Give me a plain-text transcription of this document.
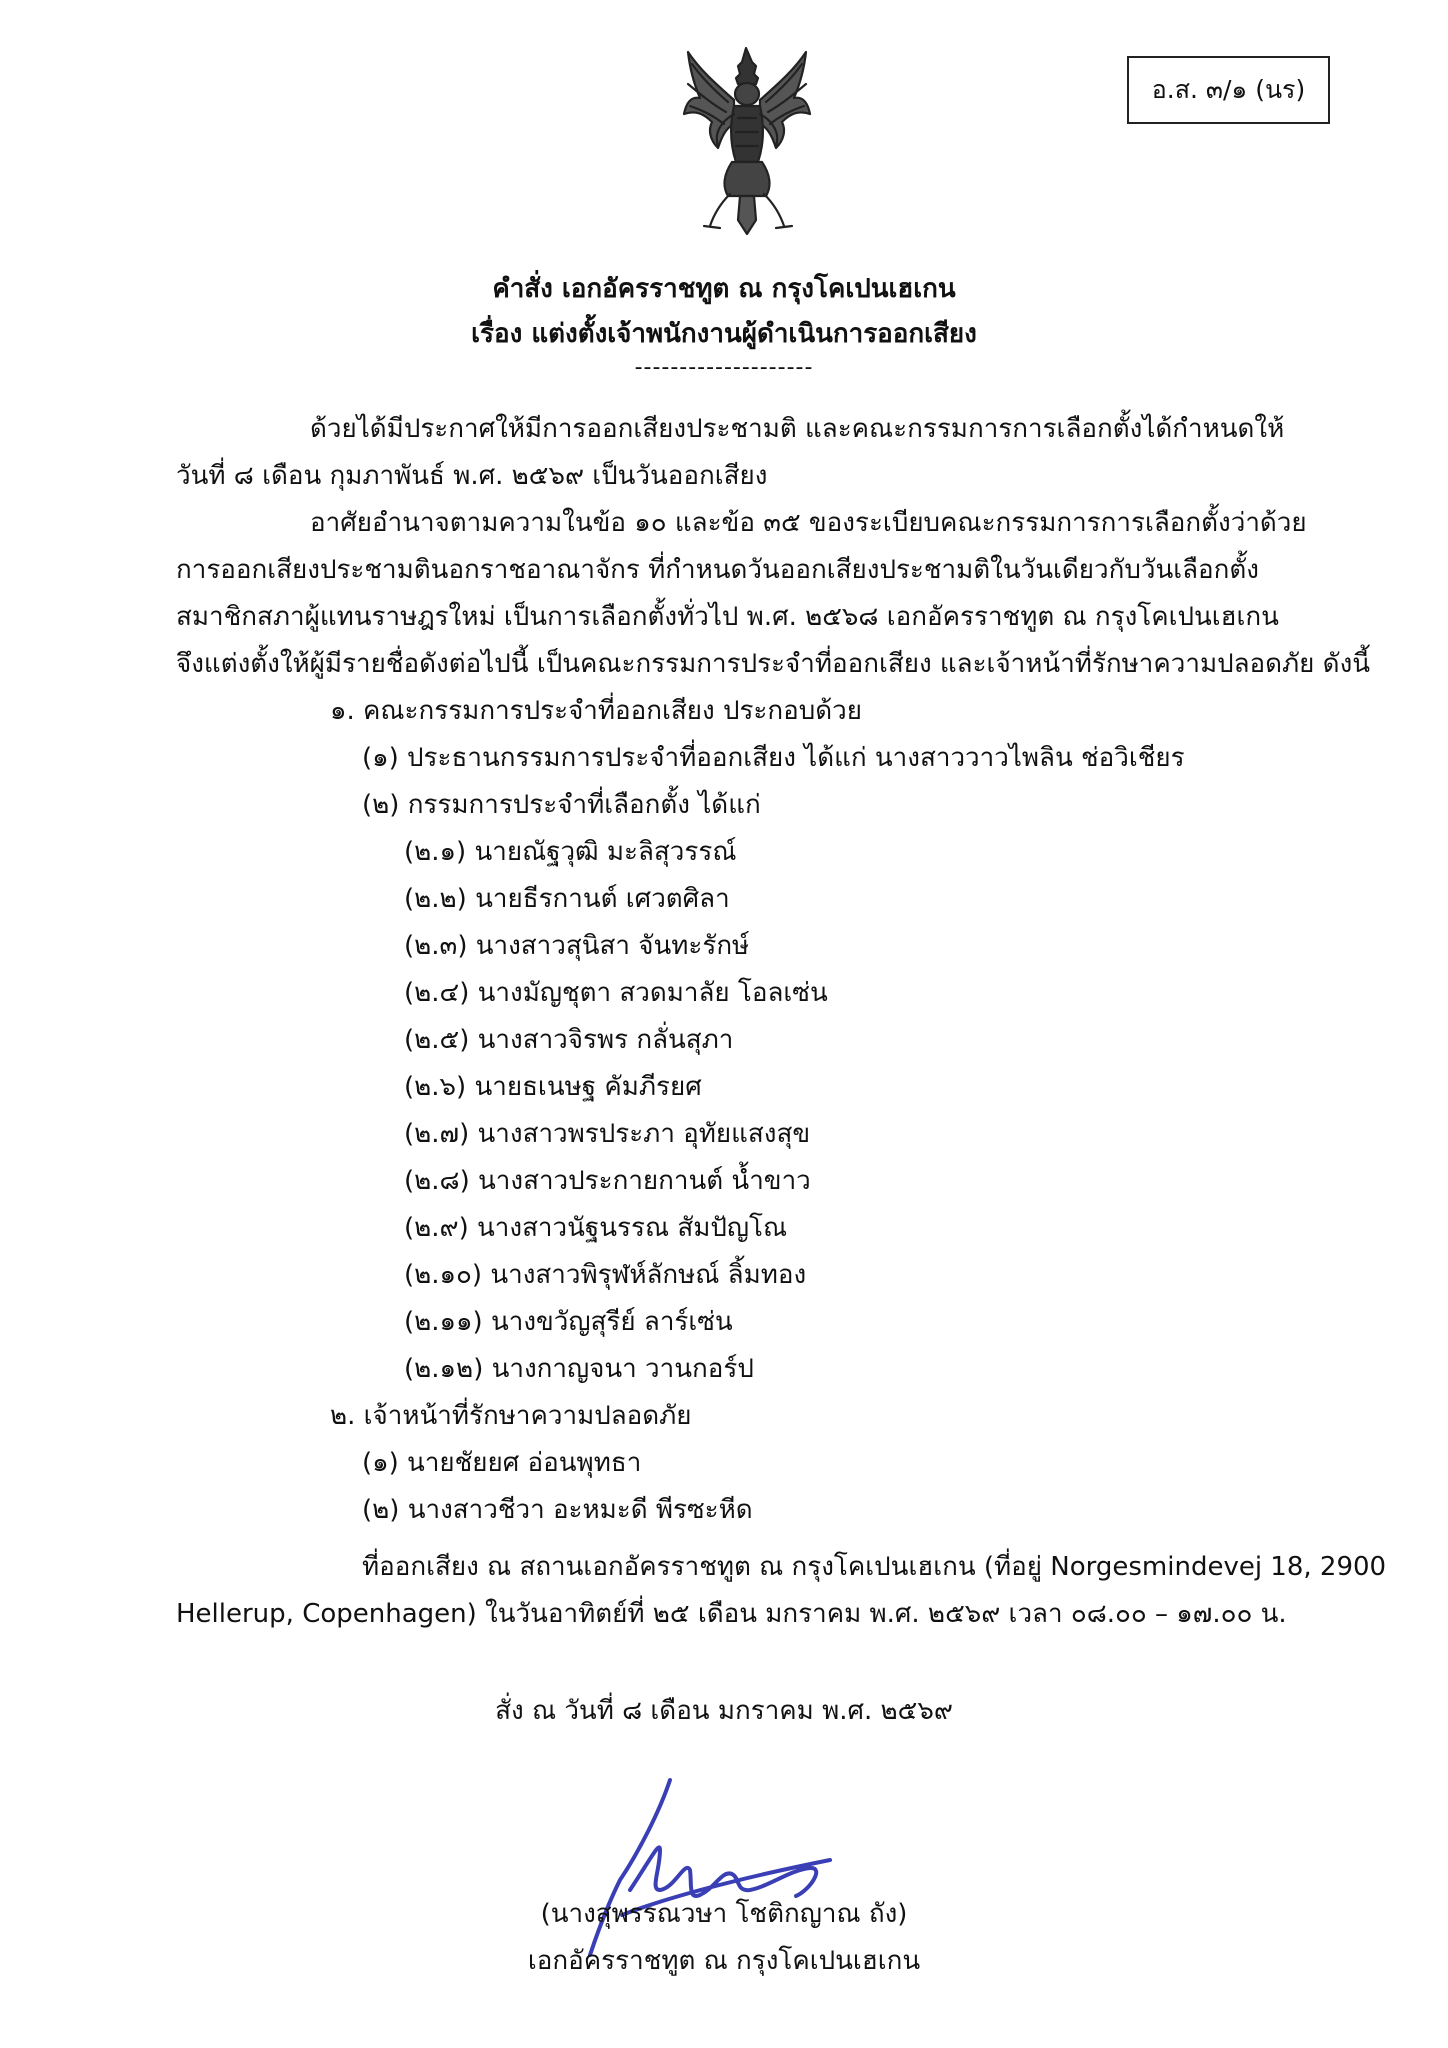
อ.ส. ๓/๑ (นร)
คำสั่ง เอกอัครราชทูต ณ กรุงโคเปนเฮเกน
เรื่อง แต่งตั้งเจ้าพนักงานผู้ดำเนินการออกเสียง
--------------------
ด้วยได้มีประกาศให้มีการออกเสียงประชามติ และคณะกรรมการการเลือกตั้งได้กำหนดให้
วันที่ ๘ เดือน กุมภาพันธ์ พ.ศ. ๒๕๖๙ เป็นวันออกเสียง
อาศัยอำนาจตามความในข้อ ๑๐ และข้อ ๓๕ ของระเบียบคณะกรรมการการเลือกตั้งว่าด้วย
การออกเสียงประชามตินอกราชอาณาจักร ที่กำหนดวันออกเสียงประชามติในวันเดียวกับวันเลือกตั้ง
สมาชิกสภาผู้แทนราษฎรใหม่ เป็นการเลือกตั้งทั่วไป พ.ศ. ๒๕๖๘ เอกอัครราชทูต ณ กรุงโคเปนเฮเกน
จึงแต่งตั้งให้ผู้มีรายชื่อดังต่อไปนี้ เป็นคณะกรรมการประจำที่ออกเสียง และเจ้าหน้าที่รักษาความปลอดภัย ดังนี้
๑. คณะกรรมการประจำที่ออกเสียง ประกอบด้วย
(๑) ประธานกรรมการประจำที่ออกเสียง ได้แก่ นางสาววาวไพลิน ช่อวิเชียร
(๒) กรรมการประจำที่เลือกตั้ง ได้แก่
(๒.๑) นายณัฐวุฒิ มะลิสุวรรณ์
(๒.๒) นายธีรกานต์ เศวตศิลา
(๒.๓) นางสาวสุนิสา จันทะรักษ์
(๒.๔) นางมัญชุตา สวดมาลัย โอลเซ่น
(๒.๕) นางสาวจิรพร กลั่นสุภา
(๒.๖) นายธเนษฐ คัมภีรยศ
(๒.๗) นางสาวพรประภา อุทัยแสงสุข
(๒.๘) นางสาวประกายกานต์ น้ำขาว
(๒.๙) นางสาวนัฐนรรณ สัมปัญโณ
(๒.๑๐) นางสาวพิรุฬห์ลักษณ์ ลิ้มทอง
(๒.๑๑) นางขวัญสุรีย์ ลาร์เซ่น
(๒.๑๒) นางกาญจนา วานกอร์ป
๒. เจ้าหน้าที่รักษาความปลอดภัย
(๑) นายชัยยศ อ่อนพุทธา
(๒) นางสาวชีวา อะหมะดี พีรซะหีด
ที่ออกเสียง ณ สถานเอกอัครราชทูต ณ กรุงโคเปนเฮเกน (ที่อยู่ Norgesmindevej 18, 2900
Hellerup, Copenhagen) ในวันอาทิตย์ที่ ๒๕ เดือน มกราคม พ.ศ. ๒๕๖๙ เวลา ๐๘.๐๐ – ๑๗.๐๐ น.
สั่ง ณ วันที่ ๘ เดือน มกราคม พ.ศ. ๒๕๖๙
(นางสุพรรณวษา โชติกญาณ ถัง)
เอกอัครราชทูต ณ กรุงโคเปนเฮเกน
